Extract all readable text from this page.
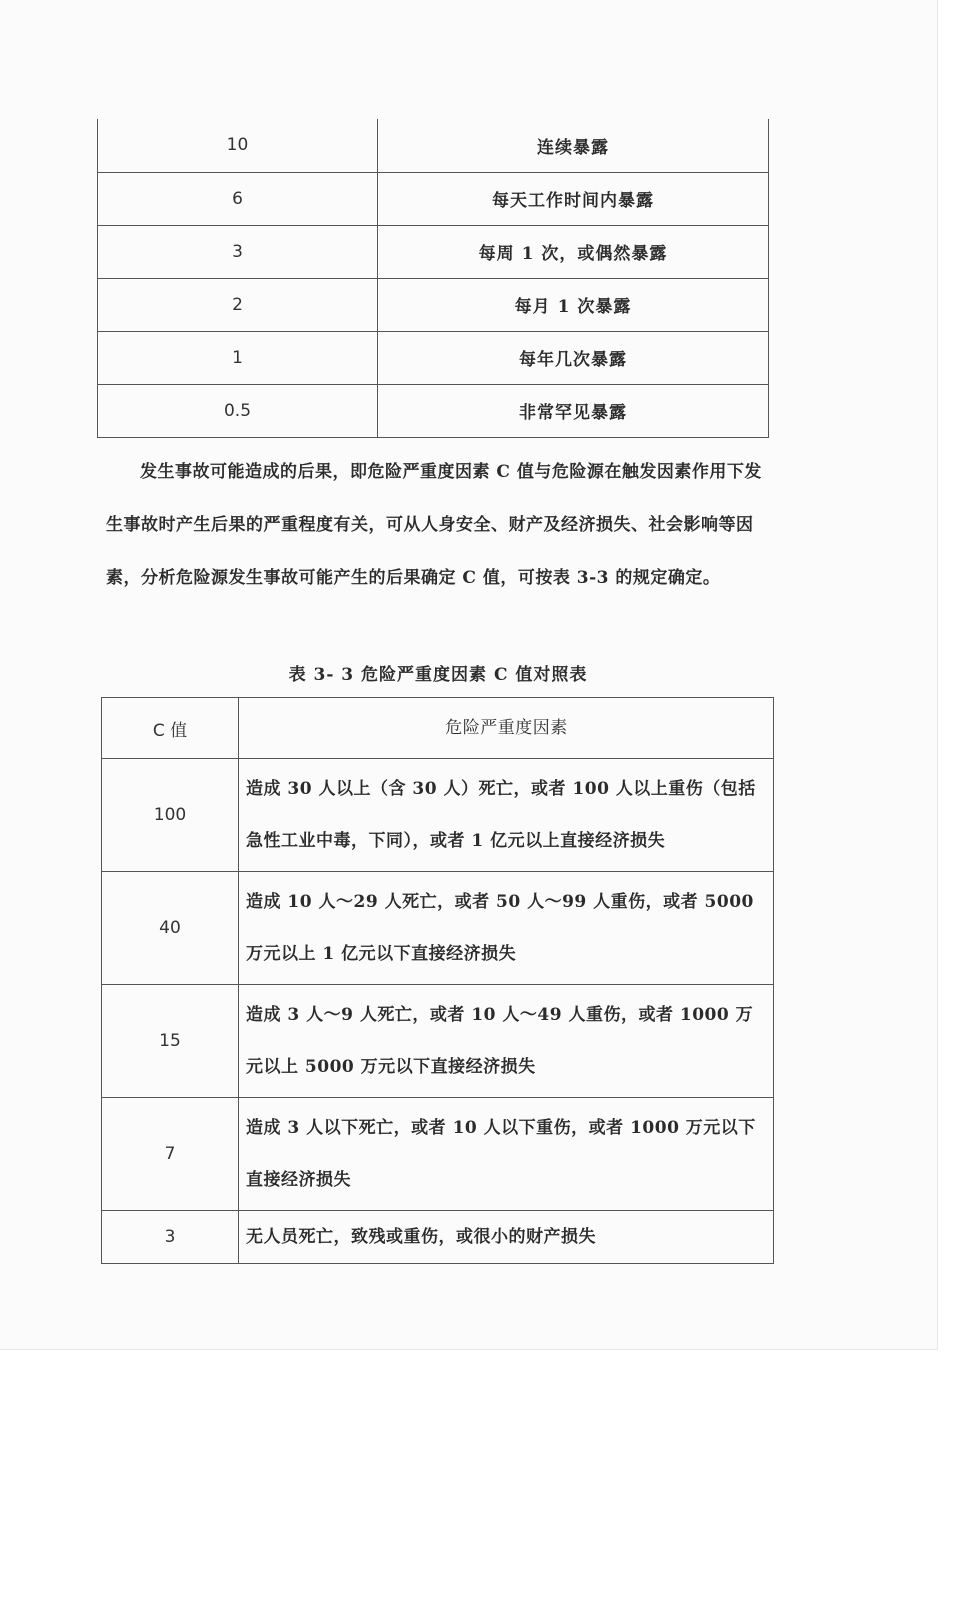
10	连续暴露
6	每天工作时间内暴露
3	每周 1 次，或偶然暴露
2	每月 1 次暴露
1	每年几次暴露
0.5	非常罕见暴露

发生事故可能造成的后果，即危险严重度因素 C 值与危险源在触发因素作用下发生事故时产生后果的严重程度有关，可从人身安全、财产及经济损失、社会影响等因素，分析危险源发生事故可能产生的后果确定 C 值，可按表 3-3 的规定确定。

表 3- 3 危险严重度因素 C 值对照表

C 值	危险严重度因素
100	造成 30 人以上（含 30 人）死亡，或者 100 人以上重伤（包括急性工业中毒，下同），或者 1 亿元以上直接经济损失
40	造成 10 人～29 人死亡，或者 50 人～99 人重伤，或者 5000 万元以上 1 亿元以下直接经济损失
15	造成 3 人～9 人死亡，或者 10 人～49 人重伤，或者 1000 万元以上 5000 万元以下直接经济损失
7	造成 3 人以下死亡，或者 10 人以下重伤，或者 1000 万元以下直接经济损失
3	无人员死亡，致残或重伤，或很小的财产损失
